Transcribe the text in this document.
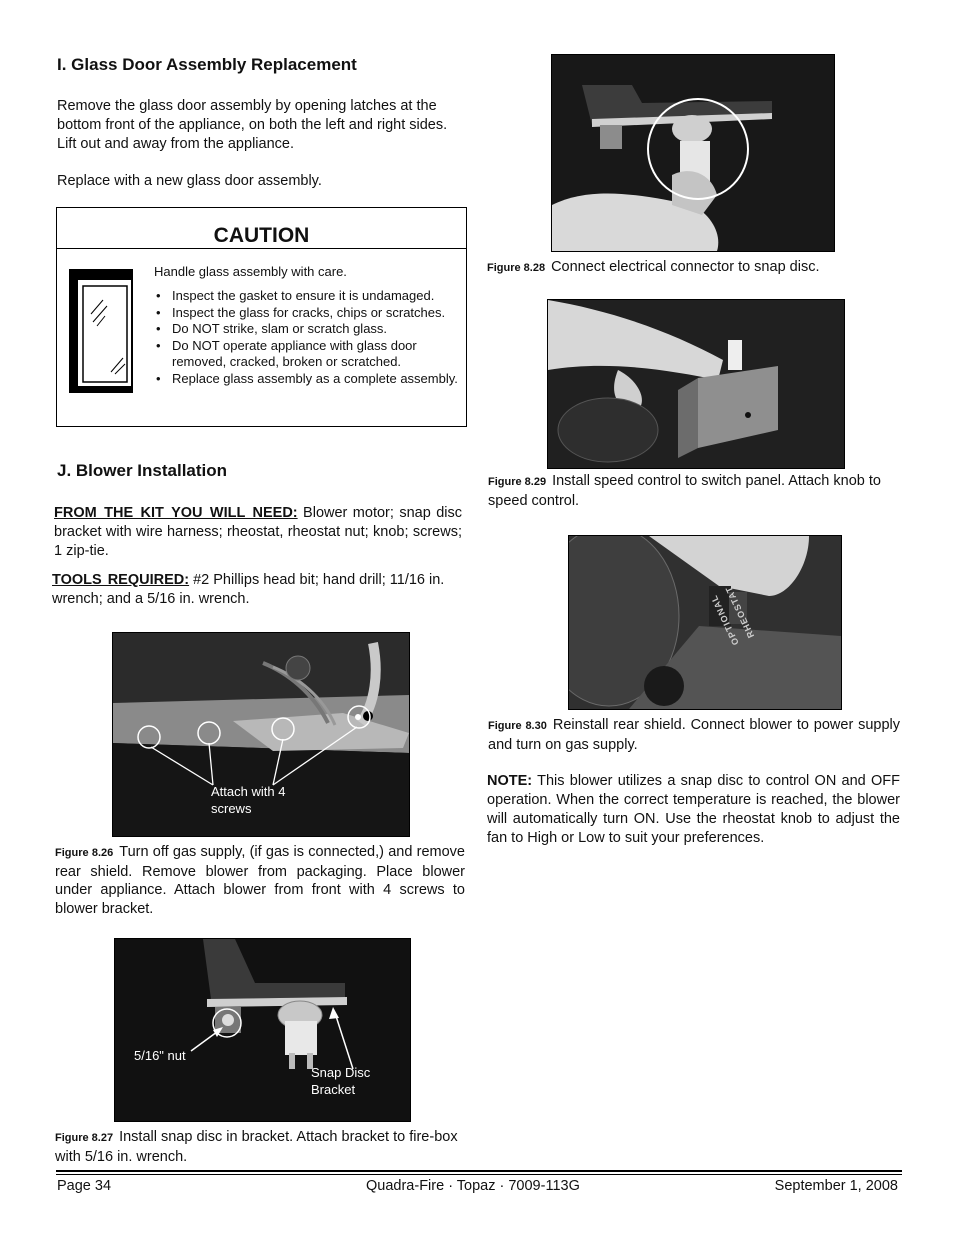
I. Glass Door Assembly Replacement
Remove the glass door assembly by opening latches at the
bottom front of the appliance, on both the left and right sides.
Lift out and away from the appliance.
Replace with a new glass door assembly.
CAUTION
Handle glass assembly with care.
• Inspect the gasket to ensure it is undamaged.
• Inspect the glass for cracks, chips or scratches.
• Do NOT strike, slam or scratch glass.
• Do NOT operate appliance with glass door removed, cracked, broken or scratched.
• Replace glass assembly as a complete assembly.
J. Blower Installation
FROM THE KIT YOU WILL NEED: Blower motor; snap disc bracket with wire harness; rheostat, rheostat nut; knob; screws; 1 zip-tie.
TOOLS REQUIRED: #2 Phillips head bit; hand drill; 11/16 in. wrench; and a 5/16 in. wrench.
Attach with 4 screws
Figure 8.26 Turn off gas supply, (if gas is connected,) and remove rear shield. Remove blower from packaging. Place blower under appliance. Attach blower from front with 4 screws to blower bracket.
5/16" nut
Snap Disc Bracket
Figure 8.27 Install snap disc in bracket. Attach bracket to fire-box with 5/16 in. wrench.
Figure 8.28 Connect electrical connector to snap disc.
Figure 8.29 Install speed control to switch panel. Attach knob to speed control.
OPTIONAL RHEOSTAT
Figure 8.30 Reinstall rear shield. Connect blower to power supply and turn on gas supply.
NOTE: This blower utilizes a snap disc to control ON and OFF operation. When the correct temperature is reached, the blower will automatically turn ON. Use the rheostat knob to adjust the fan to High or Low to suit your preferences.
Page 34	Quadra-Fire · Topaz · 7009-113G	September 1, 2008
